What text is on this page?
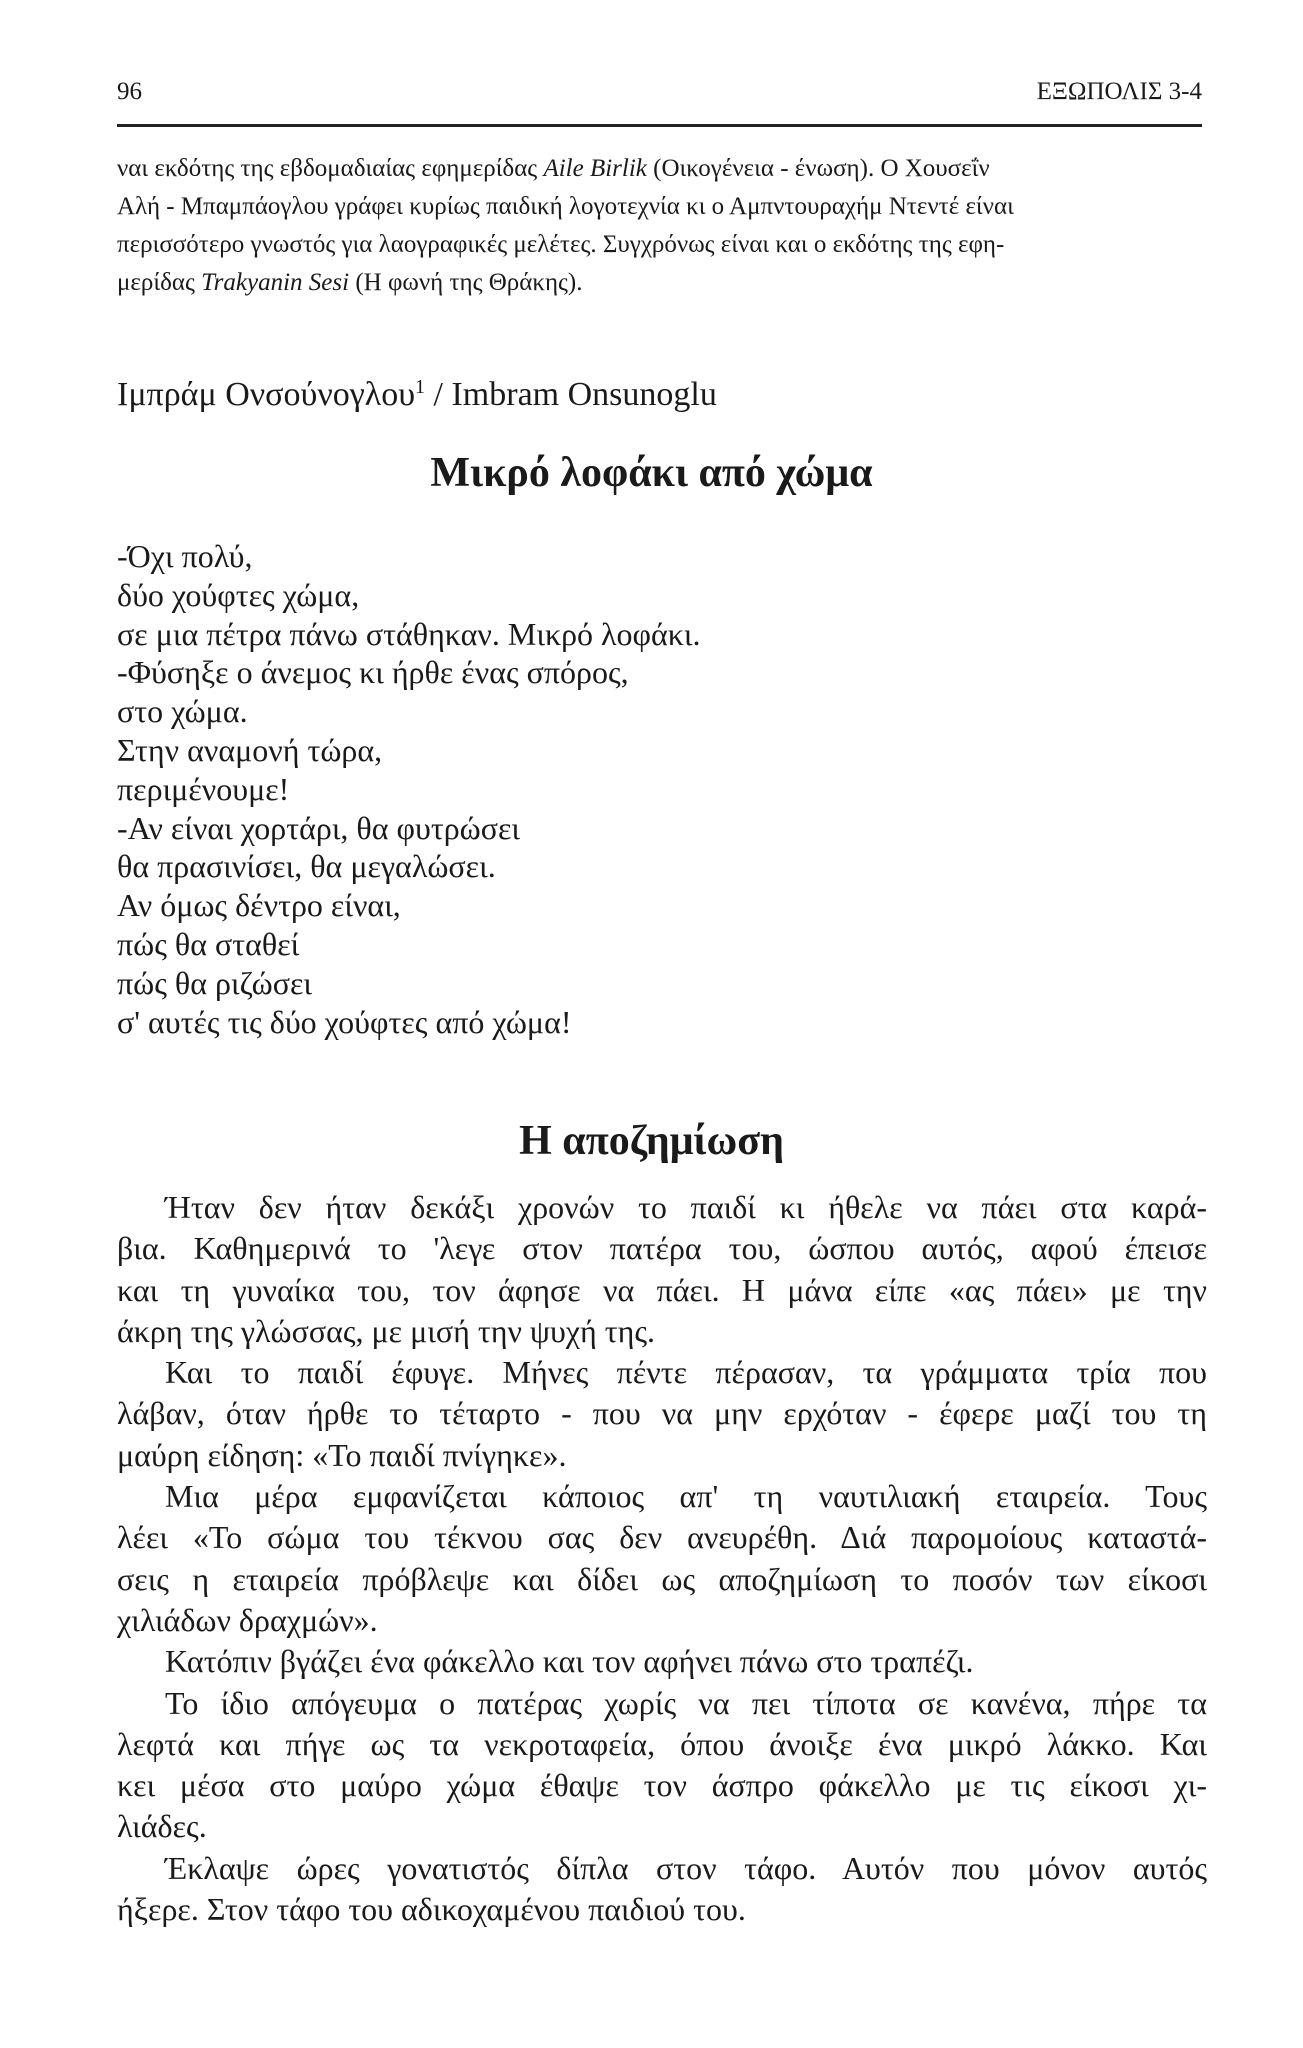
96	ΕΞΩΠΟΛΙΣ 3-4

ναι εκδότης της εβδομαδιαίας εφημερίδας Aile Birlik (Οικογένεια - ένωση). Ο Χουσεΐν
Αλή - Μπαμπάογλου γράφει κυρίως παιδική λογοτεχνία κι ο Αμπντουραχήμ Ντεντέ είναι
περισσότερο γνωστός για λαογραφικές μελέτες. Συγχρόνως είναι και ο εκδότης της εφη-
μερίδας Trakyanin Sesi (Η φωνή της Θράκης).

Ιμπράμ Ονσούνογλου$^1$ / Imbram Onsunoglu
Μικρό λοφάκι από χώμα
-Όχι πολύ,
δύο χούφτες χώμα,
σε μια πέτρα πάνω στάθηκαν. Μικρό λοφάκι.
-Φύσηξε ο άνεμος κι ήρθε ένας σπόρος,
στο χώμα.
Στην αναμονή τώρα,
περιμένουμε!
-Αν είναι χορτάρι, θα φυτρώσει
θα πρασινίσει, θα μεγαλώσει.
Αν όμως δέντρο είναι,
πώς θα σταθεί
πώς θα ριζώσει
σ' αυτές τις δύο χούφτες από χώμα!
Η αποζημίωση
Ήταν δεν ήταν δεκάξι χρονών το παιδί κι ήθελε να πάει στα καρά-
βια. Καθημερινά το 'λεγε στον πατέρα του, ώσπου αυτός, αφού έπεισε
και τη γυναίκα του, τον άφησε να πάει. Η μάνα είπε «ας πάει» με την
άκρη της γλώσσας, με μισή την ψυχή της.
Και το παιδί έφυγε. Μήνες πέντε πέρασαν, τα γράμματα τρία που
λάβαν, όταν ήρθε το τέταρτο - που να μην ερχόταν - έφερε μαζί του τη
μαύρη είδηση: «Το παιδί πνίγηκε».
Μια μέρα εμφανίζεται κάποιος απ' τη ναυτιλιακή εταιρεία. Τους
λέει «Το σώμα του τέκνου σας δεν ανευρέθη. Διά παρομοίους καταστά-
σεις η εταιρεία πρόβλεψε και δίδει ως αποζημίωση το ποσόν των είκοσι
χιλιάδων δραχμών».
Κατόπιν βγάζει ένα φάκελλο και τον αφήνει πάνω στο τραπέζι.
Το ίδιο απόγευμα ο πατέρας χωρίς να πει τίποτα σε κανένα, πήρε τα
λεφτά και πήγε ως τα νεκροταφεία, όπου άνοιξε ένα μικρό λάκκο. Και
κει μέσα στο μαύρο χώμα έθαψε τον άσπρο φάκελλο με τις είκοσι χι-
λιάδες.
Έκλαψε ώρες γονατιστός δίπλα στον τάφο. Αυτόν που μόνον αυτός
ήξερε. Στον τάφο του αδικοχαμένου παιδιού του.
